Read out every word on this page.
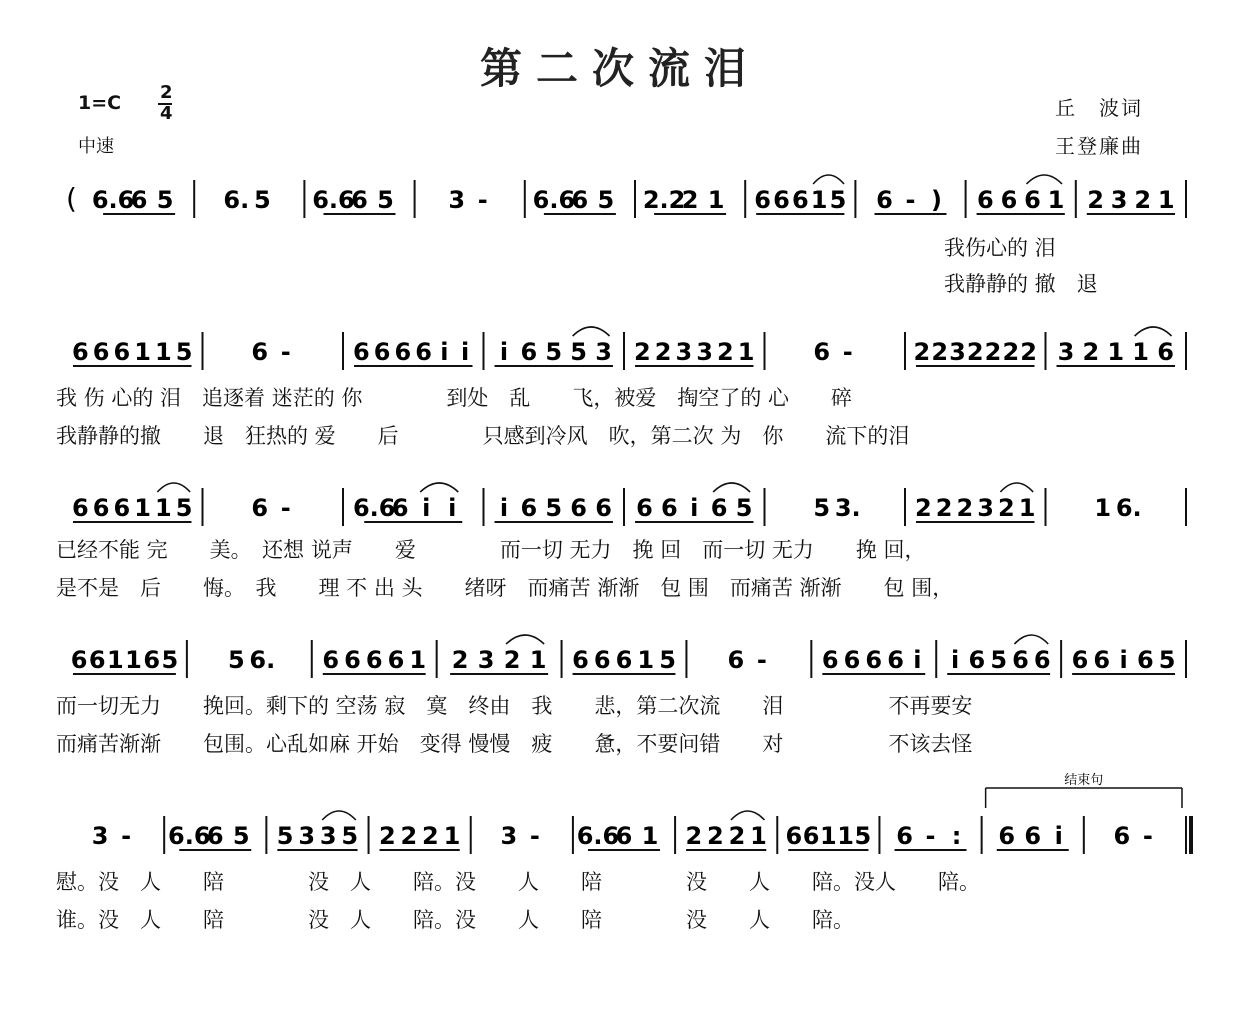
第二次流泪
1=C 2
4
中速
丘　波词
王登廉曲
( 6.6
6 5 6. 5 6.6
6 5 3 - 6.6
6 5 2.2
2 1 6 6 6 1 5 6 - ) 6 6 6 1 2 3 2 1
6 6 6 1 1 5 6 -	6 6 6 6 i i i 6 5 5 3 2 2 3 3 2 1 6 -	2 2 3 2 2 2 2 3 2 1 1 6
6 6 6 1 1 5 6 -	6.6
6 i i i 6 5 6 6 6 6 i 6 5	5 3. 2 2 2 3 2 1 1 6.
6 6 1 1 6 5 5 6. 6 6 6 6 1 2 3 2 1 6 6 6 1 5 6 - 6 6 6 6 i i 6 5 6 6 6 6 i 6 5
3 - 6.6
6 5 5 3 3 5 2 2 2 1 3 - 6.6
6 1 2 2 2 1 6 6 1 1 5 6 - : 6 6 i 6 -
结束句
我伤心的 泪
我静静的 撤　退
我 伤 心的 泪　追逐着 迷茫的 你　　　　到处　乱　　飞，被爱　掏空了的 心　　碎
我静静的撤　　退　狂热的 爱　　后　　　　只感到冷风　吹，第二次 为　你　　流下的泪
已经不能 完　　美。　还想 说声　　爱　　　　而一切 无力　挽 回　而一切 无力　　挽 回，
是不是　后　　悔。　我　　理 不 出 头　　绪呀　而痛苦 渐渐　包 围　而痛苦 渐渐　　包 围，
而一切无力　　挽回。剩下的 空荡 寂　寞　终由　我　　悲，第二次流　　泪　　　　　不再要安
而痛苦渐渐　　包围。心乱如麻 开始　变得 慢慢　疲　　惫，不要问错　　对　　　　　不该去怪
慰。没　人　　陪　　　　没　人　　陪。没　　人　　陪　　　　没　　人　　陪。没人　　陪。
谁。没　人　　陪　　　　没　人　　陪。没　　人　　陪　　　　没　　人　　陪。
